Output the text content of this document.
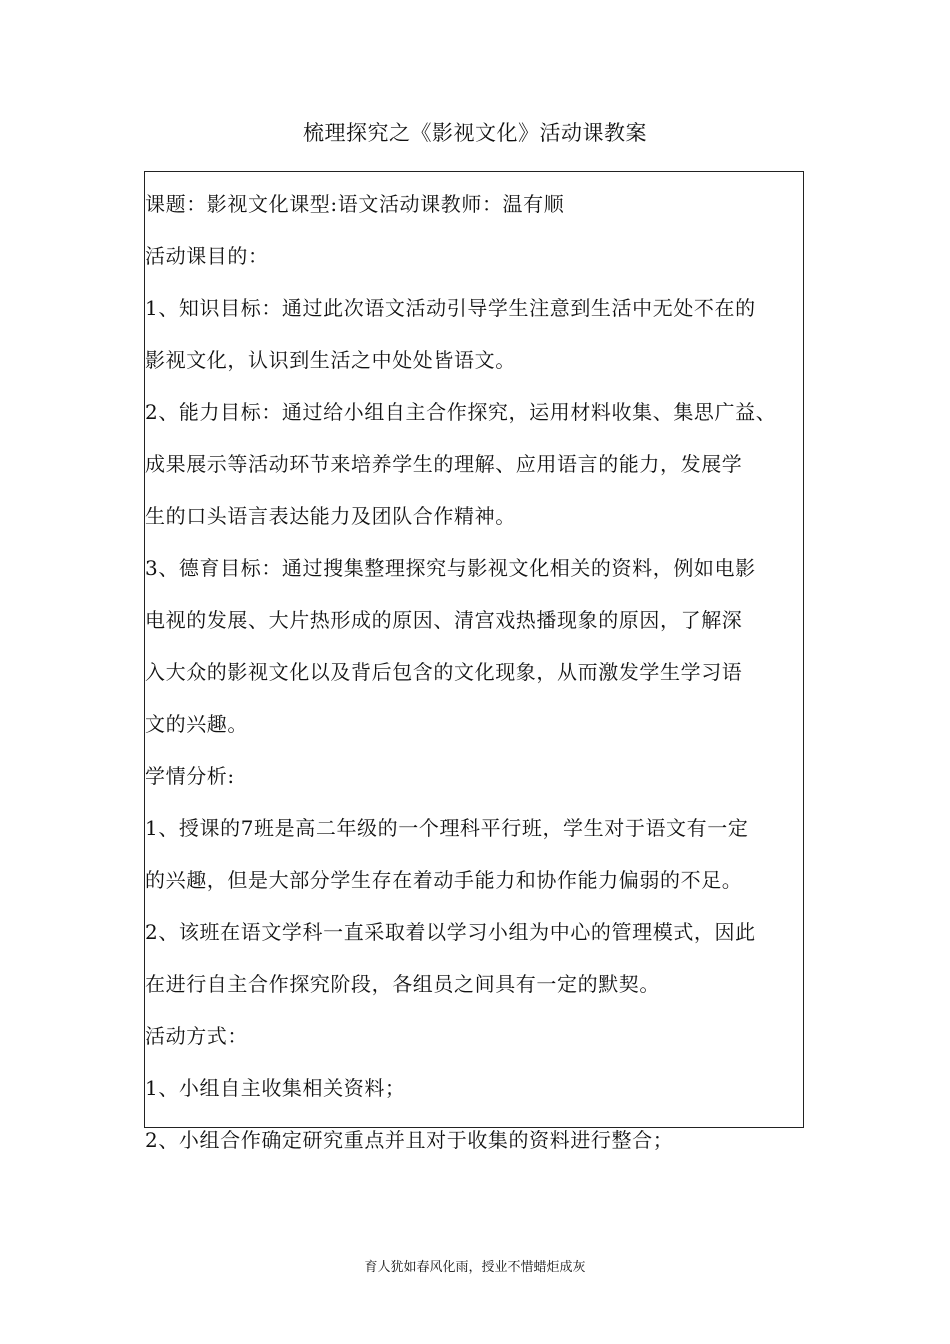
梳理探究之《影视文化》活动课教案
课题：影视文化课型:语文活动课教师：温有顺
活动课目的：
1、知识目标：通过此次语文活动引导学生注意到生活中无处不在的
影视文化，认识到生活之中处处皆语文。
2、能力目标：通过给小组自主合作探究，运用材料收集、集思广益、
成果展示等活动环节来培养学生的理解、应用语言的能力，发展学
生的口头语言表达能力及团队合作精神。
3、德育目标：通过搜集整理探究与影视文化相关的资料，例如电影
电视的发展、大片热形成的原因、清宫戏热播现象的原因，了解深
入大众的影视文化以及背后包含的文化现象，从而激发学生学习语
文的兴趣。
学情分析:
1、授课的7班是高二年级的一个理科平行班，学生对于语文有一定
的兴趣，但是大部分学生存在着动手能力和协作能力偏弱的不足。
2、该班在语文学科一直采取着以学习小组为中心的管理模式，因此
在进行自主合作探究阶段，各组员之间具有一定的默契。
活动方式：
1、小组自主收集相关资料；
2、小组合作确定研究重点并且对于收集的资料进行整合；
育人犹如春风化雨，授业不惜蜡炬成灰
